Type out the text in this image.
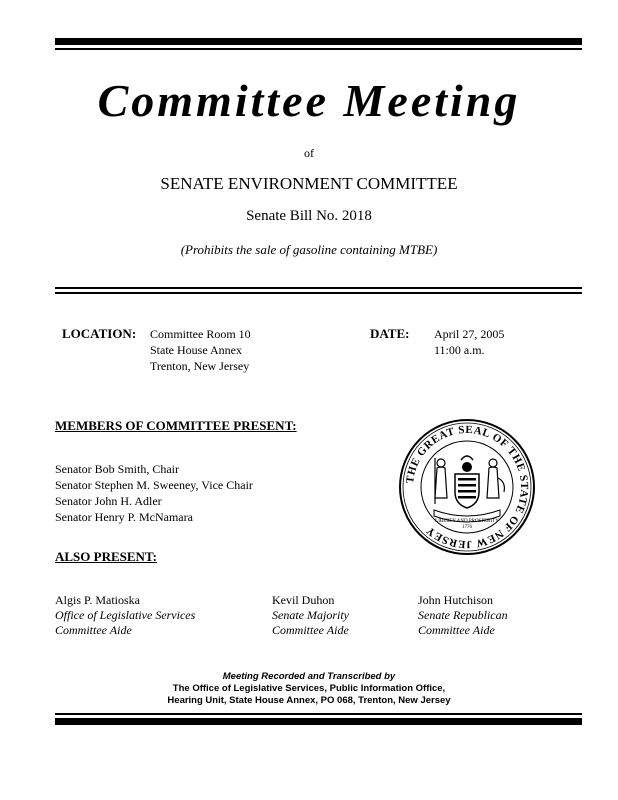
Committee Meeting
of
SENATE ENVIRONMENT COMMITTEE
Senate Bill No. 2018
(Prohibits the sale of gasoline containing MTBE)
LOCATION: Committee Room 10
State House Annex
Trenton, New Jersey
DATE: April 27, 2005
11:00 a.m.
MEMBERS OF COMMITTEE PRESENT:
Senator Bob Smith, Chair
Senator Stephen M. Sweeney, Vice Chair
Senator John H. Adler
Senator Henry P. McNamara
ALSO PRESENT:
Algis P. Matioska
Office of Legislative Services
Committee Aide
Kevil Duhon
Senate Majority
Committee Aide
John Hutchison
Senate Republican
Committee Aide
THE GREAT SEAL OF THE STATE OF NEW JERSEY
LIBERTY AND PROSPERITY
1776
Meeting Recorded and Transcribed by
The Office of Legislative Services, Public Information Office,
Hearing Unit, State House Annex, PO 068, Trenton, New Jersey
